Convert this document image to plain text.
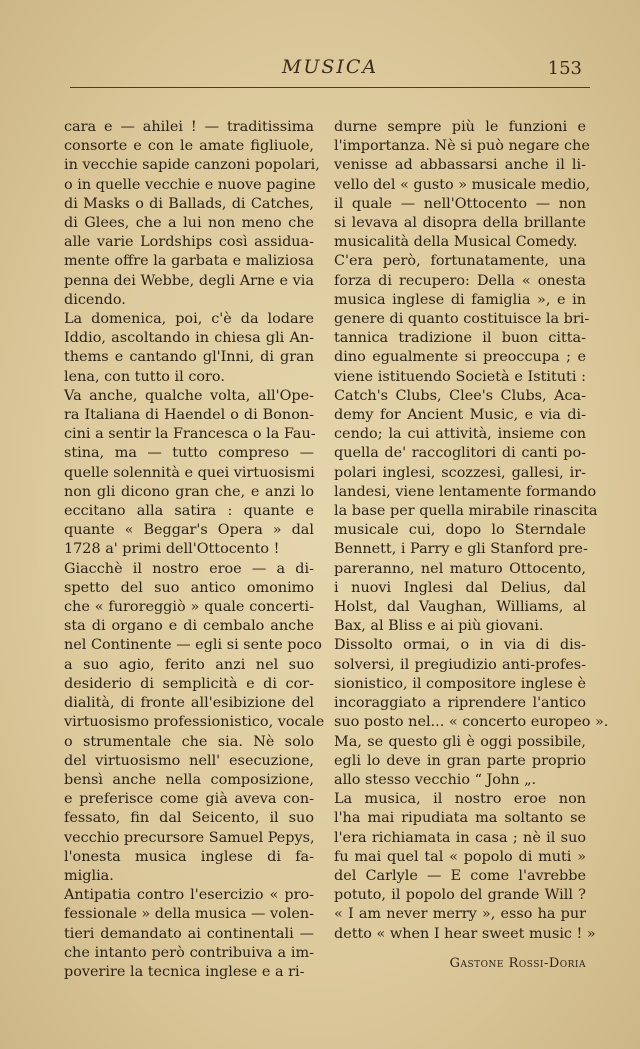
MUSICA	153
cara e — ahilei ! — traditissima
consorte e con le amate figliuole,
in vecchie sapide canzoni popolari,
o in quelle vecchie e nuove pagine
di Masks o di Ballads, di Catches,
di Glees, che a lui non meno che
alle varie Lordships così assidua-
mente offre la garbata e maliziosa
penna dei Webbe, degli Arne e via
dicendo.
La domenica, poi, c'è da lodare
Iddio, ascoltando in chiesa gli An-
thems e cantando gl'Inni, di gran
lena, con tutto il coro.
Va anche, qualche volta, all'Ope-
ra Italiana di Haendel o di Bonon-
cini a sentir la Francesca o la Fau-
stina, ma — tutto compreso —
quelle solennità e quei virtuosismi
non gli dicono gran che, e anzi lo
eccitano alla satira : quante e
quante « Beggar's Opera » dal
1728 a' primi dell'Ottocento !
Giacchè il nostro eroe — a di-
spetto del suo antico omonimo
che « furoreggiò » quale concerti-
sta di organo e di cembalo anche
nel Continente — egli si sente poco
a suo agio, ferito anzi nel suo
desiderio di semplicità e di cor-
dialità, di fronte all'esibizione del
virtuosismo professionistico, vocale
o strumentale che sia. Nè solo
del virtuosismo nell' esecuzione,
bensì anche nella composizione,
e preferisce come già aveva con-
fessato, fin dal Seicento, il suo
vecchio precursore Samuel Pepys,
l'onesta musica inglese di fa-
miglia.
Antipatia contro l'esercizio « pro-
fessionale » della musica — volen-
tieri demandato ai continentali —
che intanto però contribuiva a im-
poverire la tecnica inglese e a ri-
durne sempre più le funzioni e
l'importanza. Nè si può negare che
venisse ad abbassarsi anche il li-
vello del « gusto » musicale medio,
il quale — nell'Ottocento — non
si levava al disopra della brillante
musicalità della Musical Comedy.
C'era però, fortunatamente, una
forza di recupero: Della « onesta
musica inglese di famiglia », e in
genere di quanto costituisce la bri-
tannica tradizione il buon citta-
dino egualmente si preoccupa ; e
viene istituendo Società e Istituti :
Catch's Clubs, Clee's Clubs, Aca-
demy for Ancient Music, e via di-
cendo; la cui attività, insieme con
quella de' raccoglitori di canti po-
polari inglesi, scozzesi, gallesi, ir-
landesi, viene lentamente formando
la base per quella mirabile rinascita
musicale cui, dopo lo Sterndale
Bennett, i Parry e gli Stanford pre-
pareranno, nel maturo Ottocento,
i nuovi Inglesi dal Delius, dal
Holst, dal Vaughan, Williams, al
Bax, al Bliss e ai più giovani.
Dissolto ormai, o in via di dis-
solversi, il pregiudizio anti-profes-
sionistico, il compositore inglese è
incoraggiato a riprendere l'antico
suo posto nel... « concerto europeo ».
Ma, se questo gli è oggi possibile,
egli lo deve in gran parte proprio
allo stesso vecchio “ John „.
La musica, il nostro eroe non
l'ha mai ripudiata ma soltanto se
l'era richiamata in casa ; nè il suo
fu mai quel tal « popolo di muti »
del Carlyle — E come l'avrebbe
potuto, il popolo del grande Will ?
« I am never merry », esso ha pur
detto « when I hear sweet music ! »
Gastone Rossi-Doria
